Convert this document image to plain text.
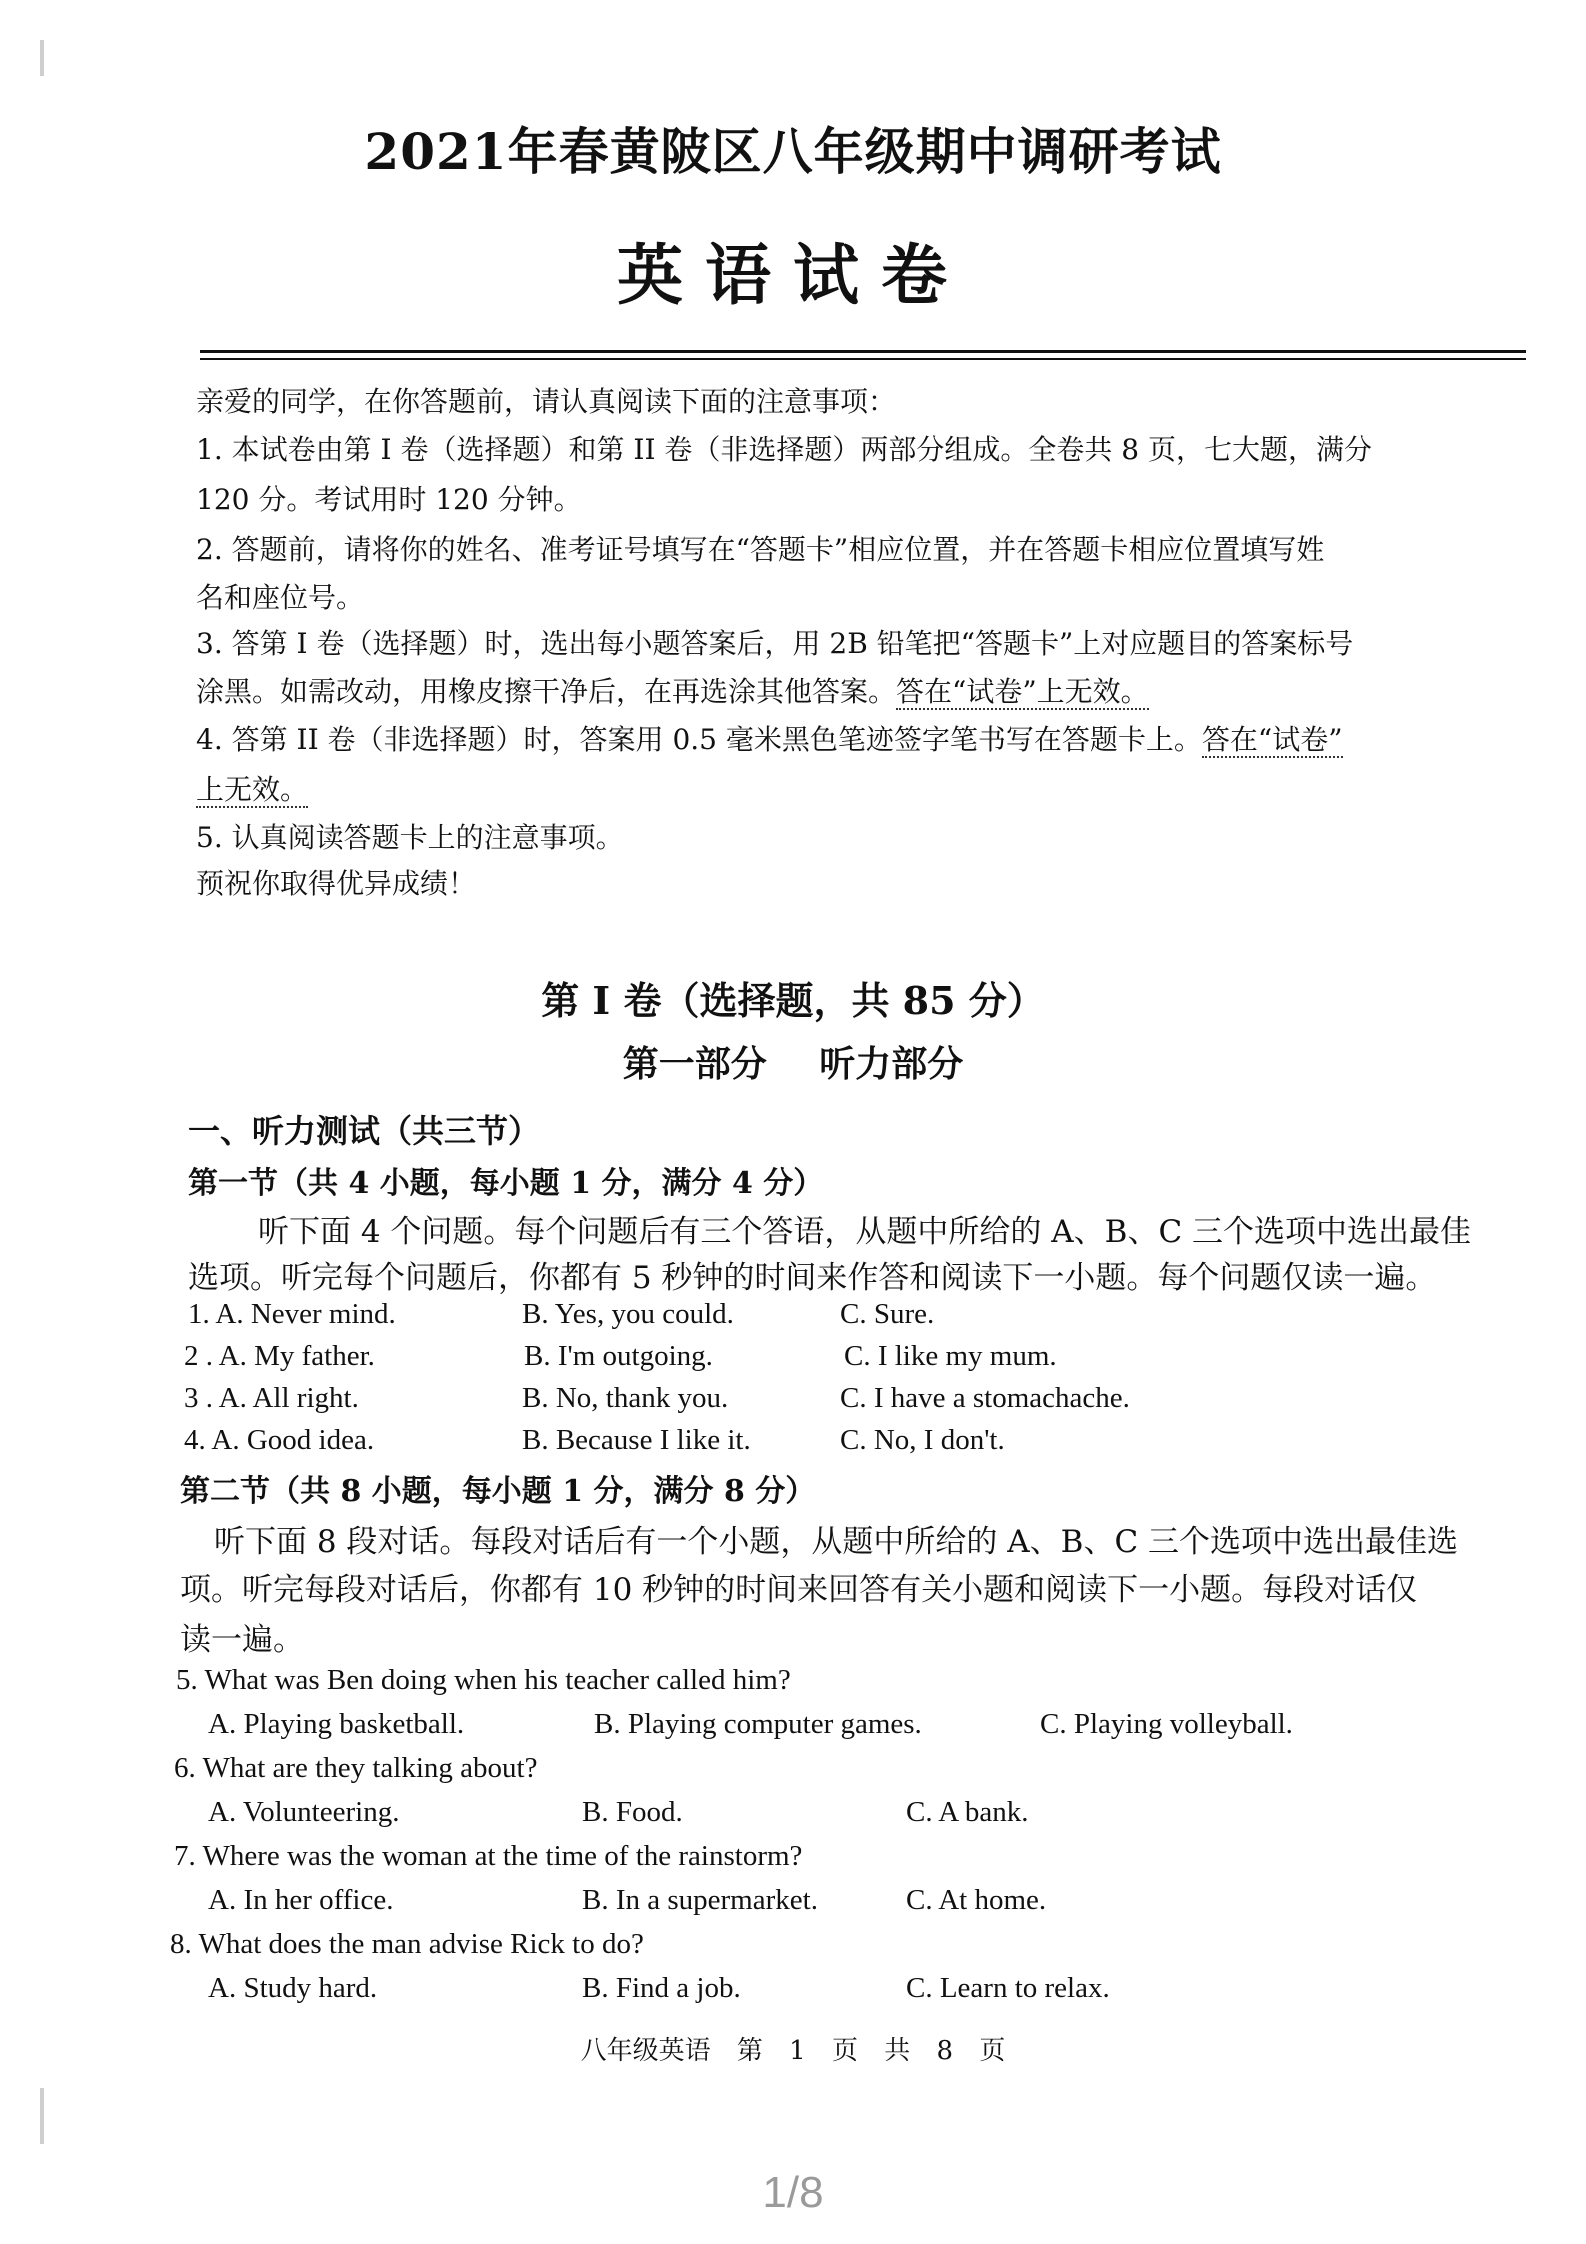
2021年春黄陂区八年级期中调研考试
英语试卷
亲爱的同学，在你答题前，请认真阅读下面的注意事项：
1. 本试卷由第 I 卷（选择题）和第 II 卷（非选择题）两部分组成。全卷共 8 页，七大题，满分
120 分。考试用时 120 分钟。
2. 答题前，请将你的姓名、准考证号填写在“答题卡”相应位置，并在答题卡相应位置填写姓
名和座位号。
3. 答第 I 卷（选择题）时，选出每小题答案后，用 2B 铅笔把“答题卡”上对应题目的答案标号
涂黑。如需改动，用橡皮擦干净后，在再选涂其他答案。答在“试卷”上无效。
4. 答第 II 卷（非选择题）时，答案用 0.5 毫米黑色笔迹签字笔书写在答题卡上。答在“试卷”
上无效。
5. 认真阅读答题卡上的注意事项。
预祝你取得优异成绩！
第 I 卷（选择题，共 85 分）
第一部分 听力部分
一、听力测试（共三节）
第一节（共 4 小题，每小题 1 分，满分 4 分）
听下面 4 个问题。每个问题后有三个答语，从题中所给的 A、B、C 三个选项中选出最佳
选项。听完每个问题后，你都有 5 秒钟的时间来作答和阅读下一小题。每个问题仅读一遍。
1. A. Never mind.	B. Yes, you could.	C. Sure.
2 . A. My father.	B. I'm outgoing.	C. I like my mum.
3 . A. All right.	B. No, thank you.	C. I have a stomachache.
4. A. Good idea.	B. Because I like it.	C. No, I don't.
第二节（共 8 小题，每小题 1 分，满分 8 分）
听下面 8 段对话。每段对话后有一个小题，从题中所给的 A、B、C 三个选项中选出最佳选
项。听完每段对话后，你都有 10 秒钟的时间来回答有关小题和阅读下一小题。每段对话仅
读一遍。
5. What was Ben doing when his teacher called him?
A. Playing basketball.	B. Playing computer games.	C. Playing volleyball.
6. What are they talking about?
A. Volunteering.	B. Food.	C. A bank.
7. Where was the woman at the time of the rainstorm?
A. In her office.	B. In a supermarket.	C. At home.
8. What does the man advise Rick to do?
A. Study hard.	B. Find a job.	C. Learn to relax.
八年级英语 第 1 页 共 8 页
1/8
